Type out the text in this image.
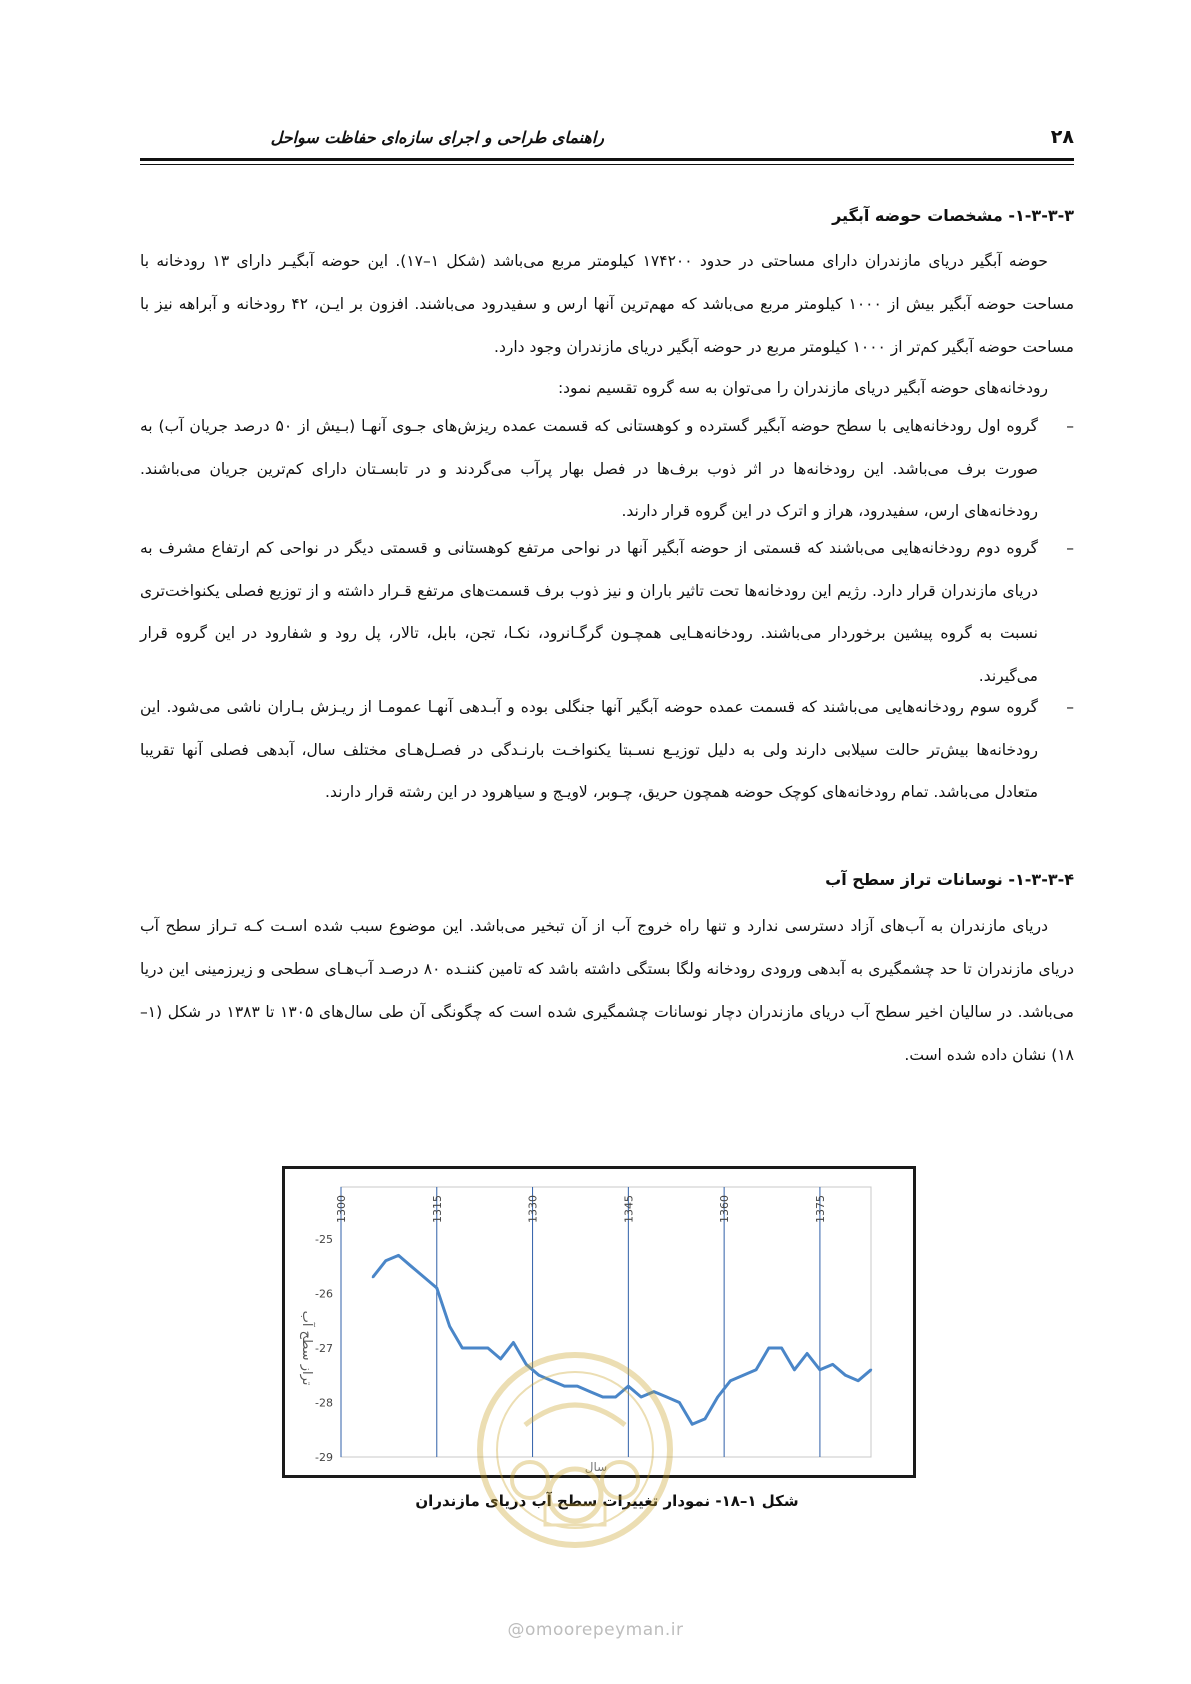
راهنمای طراحی و اجرای سازه‌ای حفاظت سواحل	۲۸
۱-۳-۳-۳- مشخصات حوضه آبگیر
حوضه آبگیر دریای مازندران دارای مساحتی در حدود ۱۷۴۲۰۰ کیلومتر مربع می‌باشد (شکل ۱–۱۷). این حوضه آبگیـر دارای ۱۳ رودخانه با مساحت حوضه آبگیر بیش از ۱۰۰۰ کیلومتر مربع می‌باشد که مهم‌ترین آنها ارس و سفیدرود می‌باشند. افزون بر ایـن، ۴۲ رودخانه و آبراهه نیز با مساحت حوضه آبگیر کم‌تر از ۱۰۰۰ کیلومتر مربع در حوضه آبگیر دریای مازندران وجود دارد.
رودخانه‌های حوضه آبگیر دریای مازندران را می‌توان به سه گروه تقسیم نمود:
–
گروه اول رودخانه‌هایی با سطح حوضه آبگیر گسترده و کوهستانی که قسمت عمده ریزش‌های جـوی آنهـا (بـیش از ۵۰ درصد جریان آب) به صورت برف می‌باشد. این رودخانه‌ها در اثر ذوب برف‌ها در فصل بهار پرآب می‌گردند و در تابسـتان دارای کم‌ترین جریان می‌باشند. رودخانه‌های ارس، سفیدرود، هراز و اترک در این گروه قرار دارند.
–
گروه دوم رودخانه‌هایی می‌باشند که قسمتی از حوضه آبگیر آنها در نواحی مرتفع کوهستانی و قسمتی دیگر در نواحی کم ارتفاع مشرف به دریای مازندران قرار دارد. رژیم این رودخانه‌ها تحت تاثیر باران و نیز ذوب برف قسمت‌های مرتفع قـرار داشته و از توزیع فصلی یکنواخت‌تری نسبت به گروه پیشین برخوردار می‌باشند. رودخانه‌هـایی همچـون گرگـانرود، نکـا، تجن، بابل، تالار، پل رود و شفارود در این گروه قرار می‌گیرند.
–
گروه سوم رودخانه‌هایی می‌باشند که قسمت عمده حوضه آبگیر آنها جنگلی بوده و آبـدهی آنهـا عمومـا از ریـزش بـاران ناشی می‌شود. این رودخانه‌ها بیش‌تر حالت سیلابی دارند ولی به دلیل توزیـع نسـبتا یکنواخـت بارنـدگی در فصـل‌هـای مختلف سال، آبدهی فصلی آنها تقریبا متعادل می‌باشد. تمام رودخانه‌های کوچک حوضه همچون حریق، چـوبر، لاویـج و سیاهرود در این رشته قرار دارند.
۱-۳-۳-۴- نوسانات تراز سطح آب
دریای مازندران به آب‌های آزاد دسترسی ندارد و تنها راه خروج آب از آن تبخیر می‌باشد. این موضوع سبب شده اسـت کـه تـراز سطح آب دریای مازندران تا حد چشمگیری به آبدهی ورودی رودخانه ولگا بستگی داشته باشد که تامین کننـده ۸۰ درصـد آب‌هـای سطحی و زیرزمینی این دریا می‌باشد. در سالیان اخیر سطح آب دریای مازندران دچار نوسانات چشمگیری شده است که چگونگی آن طی سال‌های ۱۳۰۵ تا ۱۳۸۳ در شکل (۱–۱۸) نشان داده شده است.
1300	1315	1330	1345	1360	1375
-25
-26
-27
-28
-29
تراز سطح آب
سال
شکل ۱–۱۸- نمودار تغییرات سطح آب دریای مازندران
@omoorepeyman.ir
